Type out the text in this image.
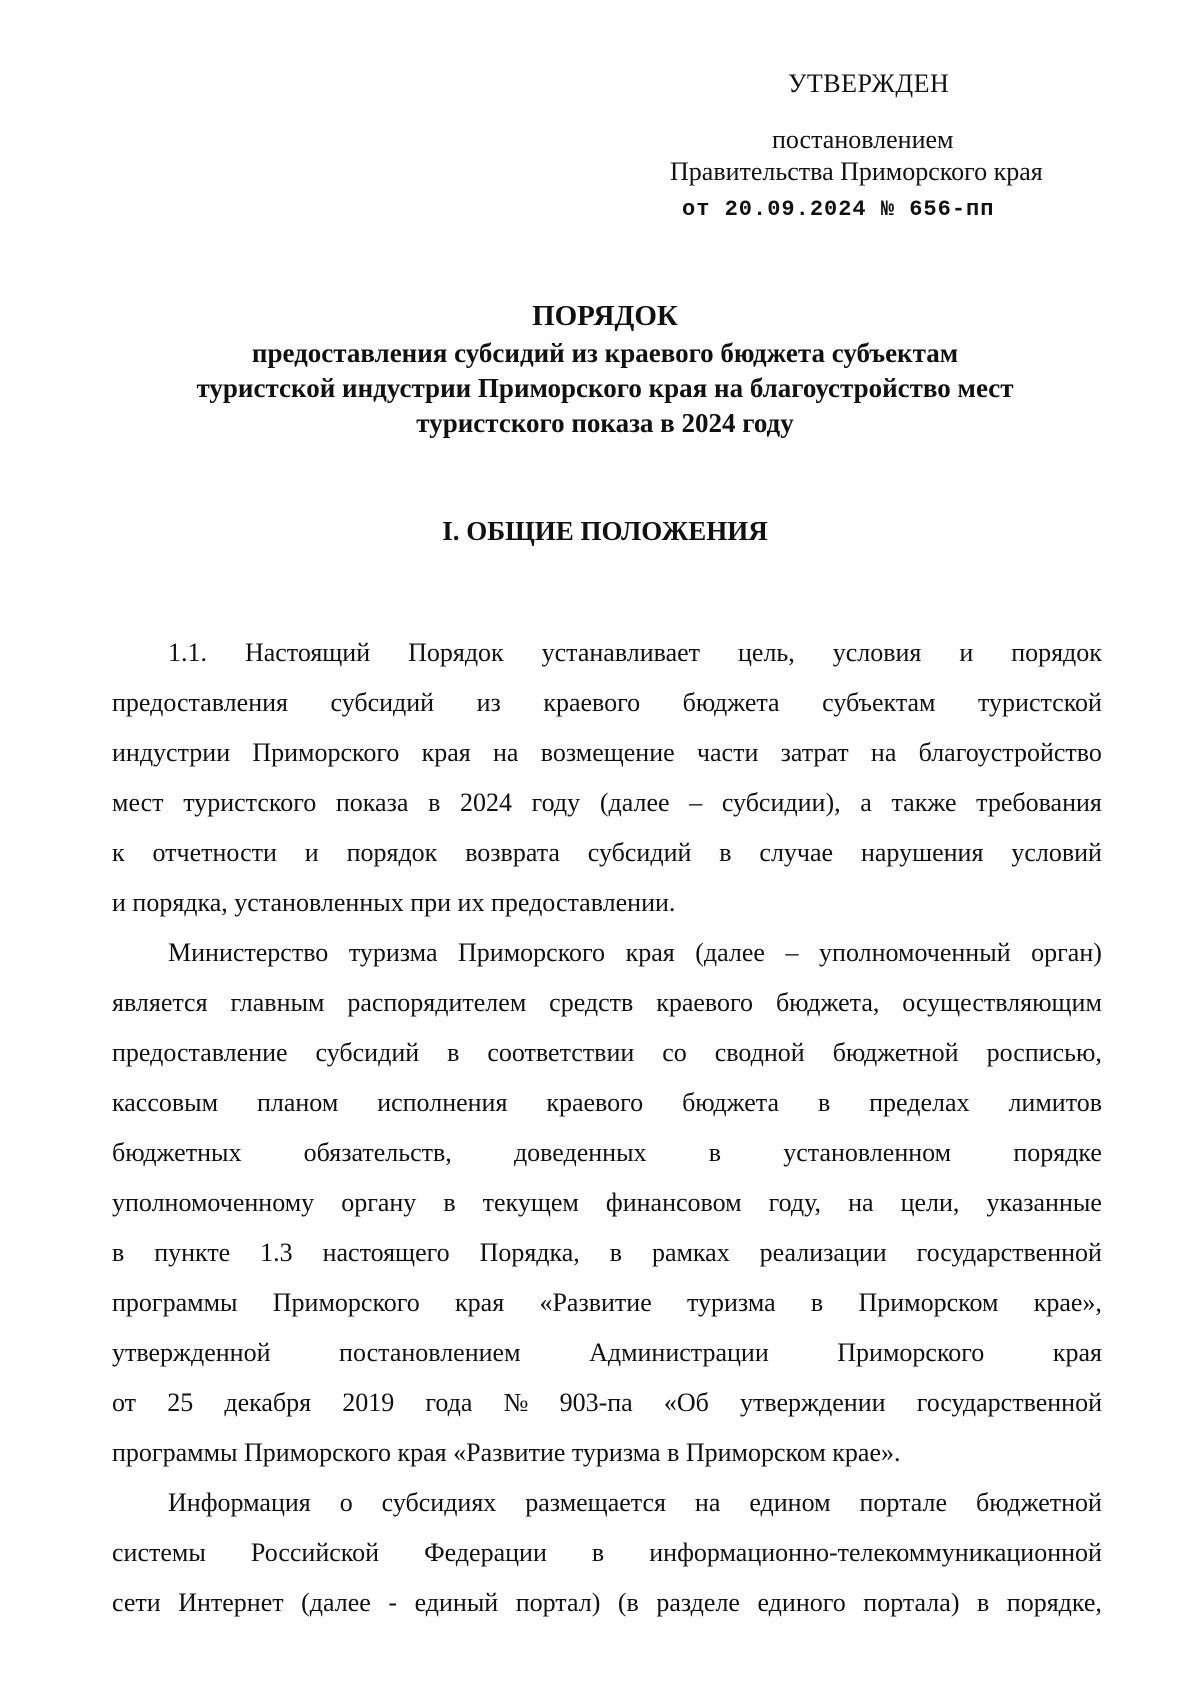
УТВЕРЖДЕН
постановлением
Правительства Приморского края
от 20.09.2024 № 656-пп
ПОРЯДОК
предоставления субсидий из краевого бюджета субъектам
туристской индустрии Приморского края на благоустройство мест
туристского показа в 2024 году
I. ОБЩИЕ ПОЛОЖЕНИЯ
1.1. Настоящий Порядок устанавливает цель, условия и порядок
предоставления субсидий из краевого бюджета субъектам туристской
индустрии Приморского края на возмещение части затрат на благоустройство
мест туристского показа в 2024 году (далее – субсидии), а также требования
к отчетности и порядок возврата субсидий в случае нарушения условий
и порядка, установленных при их предоставлении.
Министерство туризма Приморского края (далее – уполномоченный орган)
является главным распорядителем средств краевого бюджета, осуществляющим
предоставление субсидий в соответствии со сводной бюджетной росписью,
кассовым планом исполнения краевого бюджета в пределах лимитов
бюджетных обязательств, доведенных в установленном порядке
уполномоченному органу в текущем финансовом году, на цели, указанные
в пункте 1.3 настоящего Порядка, в рамках реализации государственной
программы Приморского края «Развитие туризма в Приморском крае»,
утвержденной	постановлением	Администрации	Приморского	края
от 25 декабря 2019 года № 903-па «Об утверждении государственной
программы Приморского края «Развитие туризма в Приморском крае».
Информация о субсидиях размещается на едином портале бюджетной
системы Российской Федерации в информационно-телекоммуникационной
сети Интернет (далее - единый портал) (в разделе единого портала) в порядке,
